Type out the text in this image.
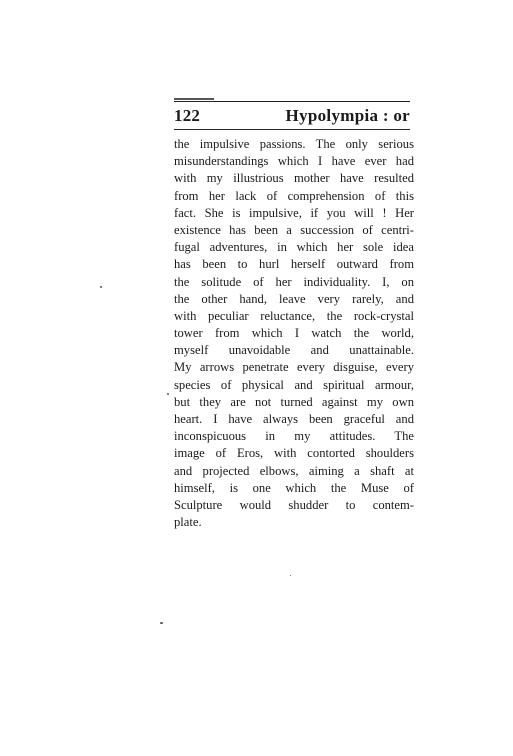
122	Hypolympia : or
the impulsive passions. The only serious
misunderstandings which I have ever had
with my illustrious mother have resulted
from her lack of comprehension of this
fact. She is impulsive, if you will ! Her
existence has been a succession of centri-
fugal adventures, in which her sole idea
has been to hurl herself outward from
the solitude of her individuality. I, on
the other hand, leave very rarely, and
with peculiar reluctance, the rock-crystal
tower from which I watch the world,
myself unavoidable and unattainable.
My arrows penetrate every disguise, every
species of physical and spiritual armour,
but they are not turned against my own
heart. I have always been graceful and
inconspicuous in my attitudes. The
image of Eros, with contorted shoulders
and projected elbows, aiming a shaft at
himself, is one which the Muse of
Sculpture would shudder to contem-
plate.
